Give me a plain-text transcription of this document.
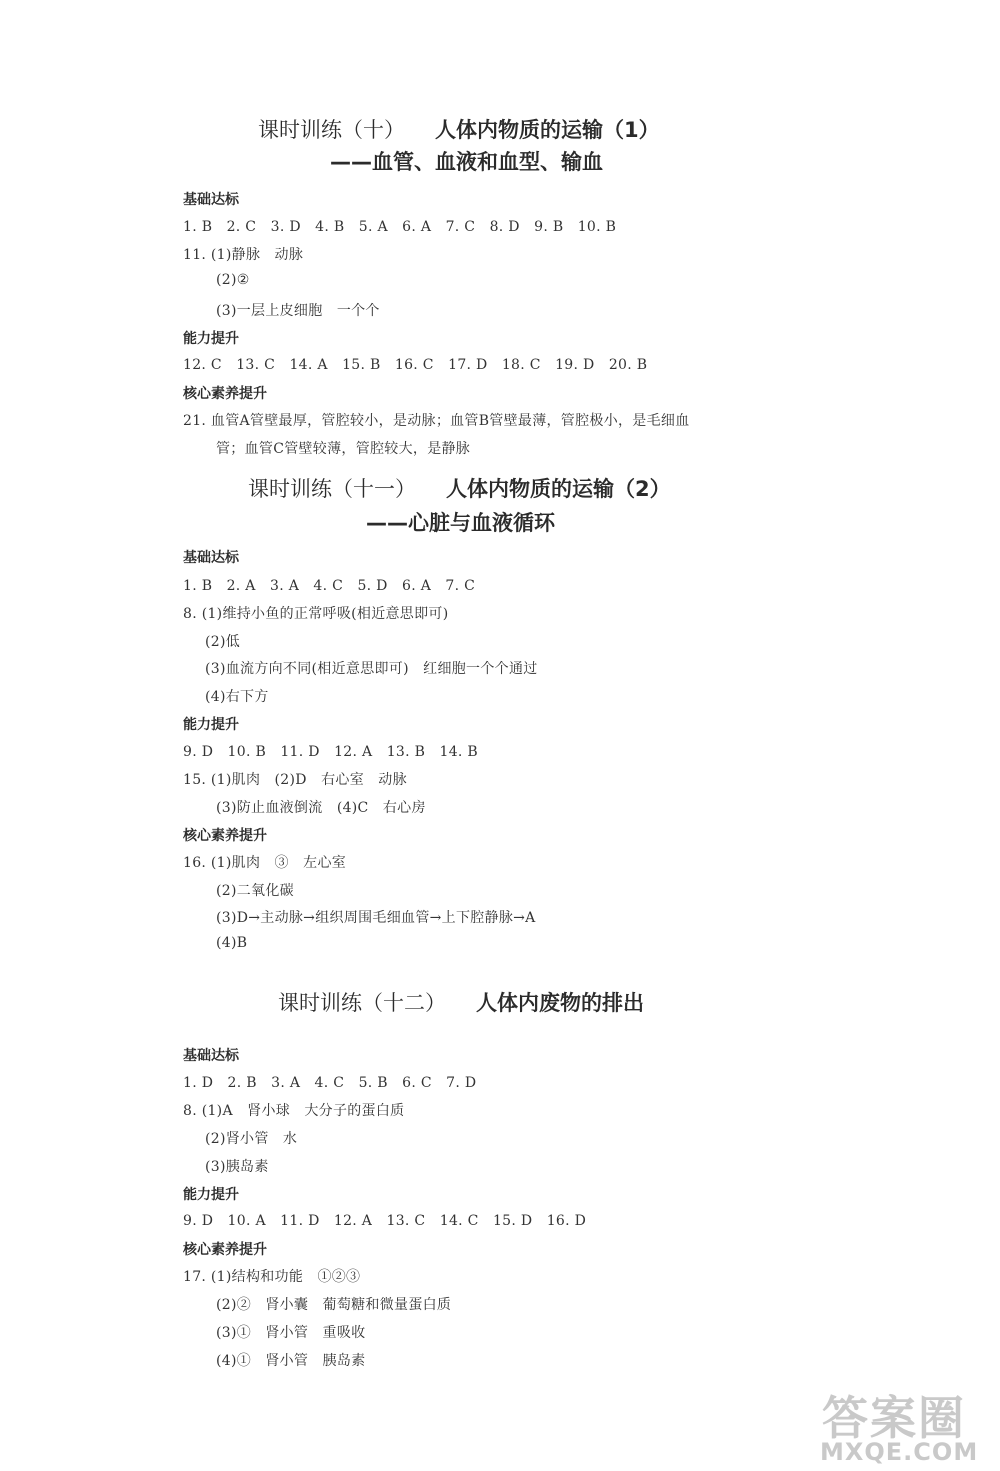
课时训练（十） 人体内物质的运输（1）
——血管、血液和血型、输血
基础达标
1. B　2. C　3. D　4. B　5. A　6. A　7. C　8. D　9. B　10. B
11. (1)静脉　动脉
(2)②
(3)一层上皮细胞　一个个
能力提升
12. C　13. C　14. A　15. B　16. C　17. D　18. C　19. D　20. B
核心素养提升
21. 血管A管壁最厚，管腔较小，是动脉；血管B管壁最薄，管腔极小，是毛细血
管；血管C管壁较薄，管腔较大，是静脉
课时训练（十一） 人体内物质的运输（2）
——心脏与血液循环
基础达标
1. B　2. A　3. A　4. C　5. D　6. A　7. C
8. (1)维持小鱼的正常呼吸(相近意思即可)
(2)低
(3)血流方向不同(相近意思即可)　红细胞一个个通过
(4)右下方
能力提升
9. D　10. B　11. D　12. A　13. B　14. B
15. (1)肌肉　(2)D　右心室　动脉
(3)防止血液倒流　(4)C　右心房
核心素养提升
16. (1)肌肉　③　左心室
(2)二氧化碳
(3)D→主动脉→组织周围毛细血管→上下腔静脉→A
(4)B
课时训练（十二） 人体内废物的排出
基础达标
1. D　2. B　3. A　4. C　5. B　6. C　7. D
8. (1)A　肾小球　大分子的蛋白质
(2)肾小管　水
(3)胰岛素
能力提升
9. D　10. A　11. D　12. A　13. C　14. C　15. D　16. D
核心素养提升
17. (1)结构和功能　①②③
(2)②　肾小囊　葡萄糖和微量蛋白质
(3)①　肾小管　重吸收
(4)①　肾小管　胰岛素
答案圈
MXQE.COM
